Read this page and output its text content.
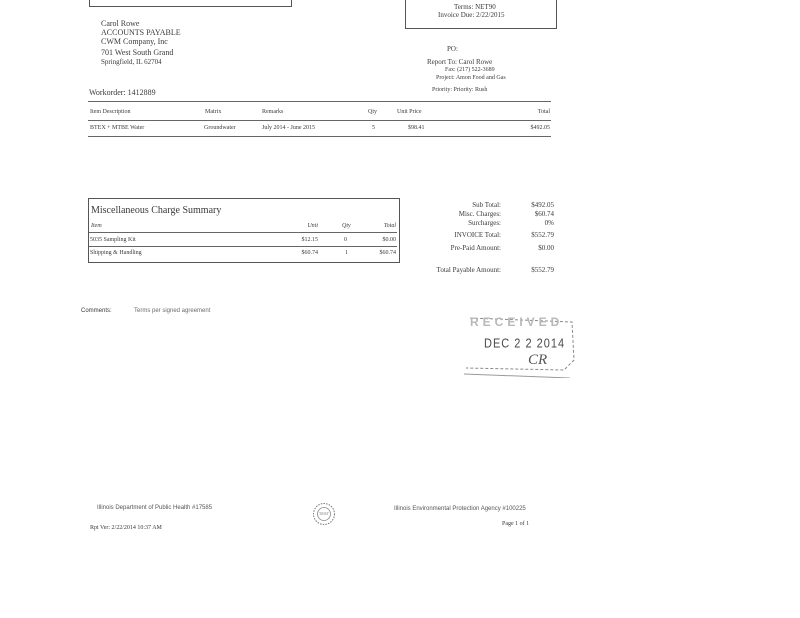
Terms: NET90
Invoice Due: 2/22/2015
Carol Rowe
ACCOUNTS PAYABLE
CWM Company, Inc
701 West South Grand
Springfield, IL 62704
PO:
Report To: Carol Rowe
Fax: (217) 522-3689
Project: Amon Food and Gas
Priority: Priority: Rush
Workorder: 1412889
Item Description	Matrix	Remarks	Qty	Unit Price	Total
BTEX + MTBE Water	Groundwater	July 2014 - June 2015	5	$98.41	$492.05
Miscellaneous Charge Summary
Item	Unit	Qty	Total
5035 Sampling Kit	$12.15	0	$0.00
Shipping & Handling	$60.74	1	$60.74
Sub Total:	$492.05
Misc. Charges:	$60.74
Surcharges:	0%
INVOICE Total:	$552.79
Pre-Paid Amount:	$0.00
Total Payable Amount:	$552.79
Comments:	Terms per signed agreement
RECEIVED
DEC 2 2 2014
CR
Illinois Department of Public Health #17585
TEST
Illinois Environmental Protection Agency #100225
Rpt Ver: 2/22/2014 10:37 AM
Page 1 of 1
